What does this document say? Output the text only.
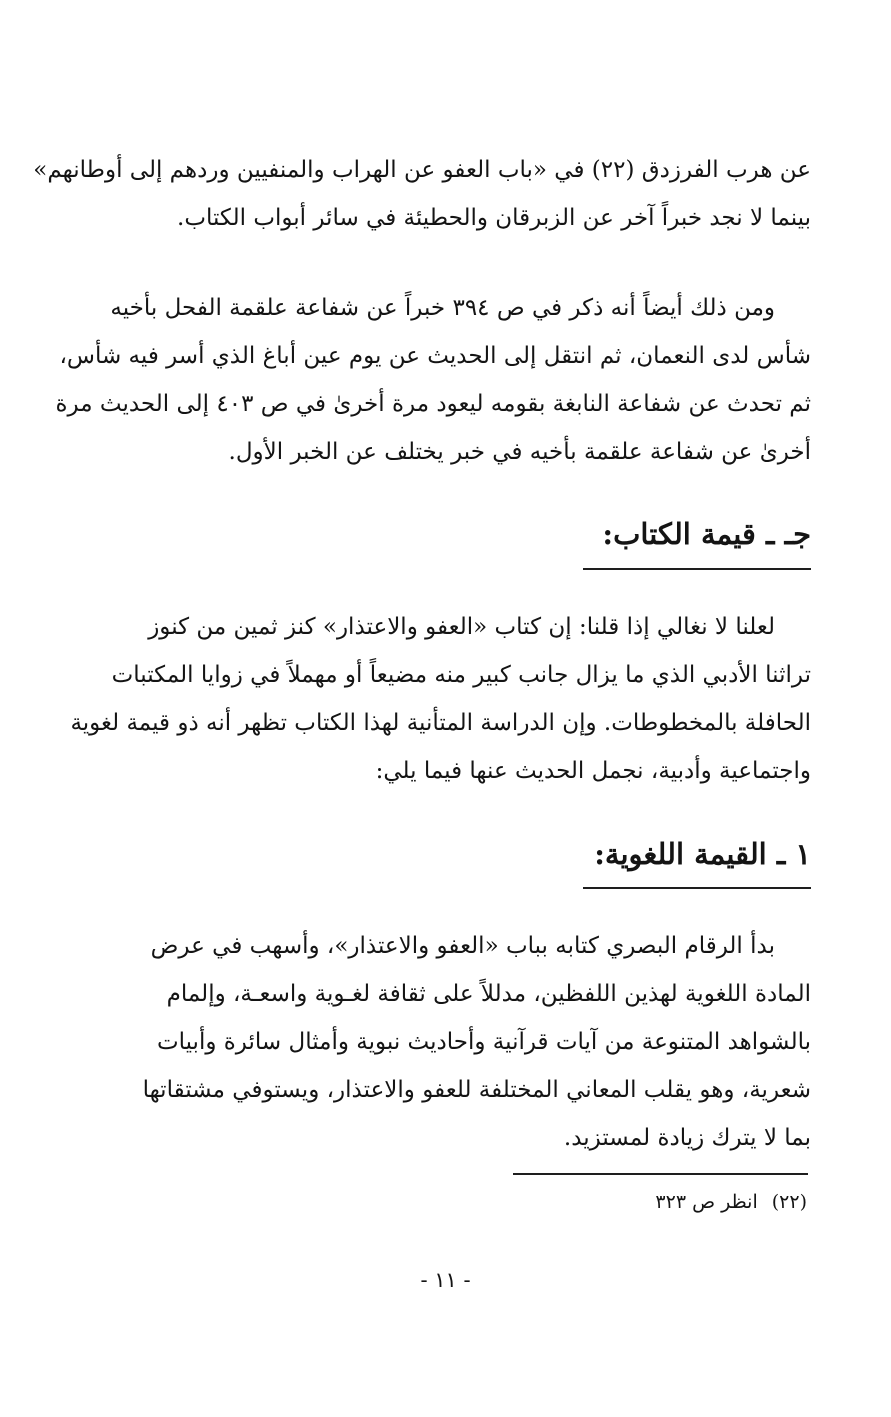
عن هرب الفرزدق (٢٢) في «باب العفو عن الهراب والمنفيين وردهم إلى أوطانهم»
بينما لا نجد خبراً آخر عن الزبرقان والحطيئة في سائر أبواب الكتاب.
ومن ذلك أيضاً أنه ذكر في ص ٣٩٤ خبراً عن شفاعة علقمة الفحل بأخيه
شأس لدى النعمان، ثم انتقل إلى الحديث عن يوم عين أباغ الذي أسر فيه شأس،
ثم تحدث عن شفاعة النابغة بقومه ليعود مرة أخرىٰ في ص ٤٠٣ إلى الحديث مرة
أخرىٰ عن شفاعة علقمة بأخيه في خبر يختلف عن الخبر الأول.
جـ ـ قيمة الكتاب:
لعلنا لا نغالي إذا قلنا: إن كتاب «العفو والاعتذار» كنز ثمين من كنوز
تراثنا الأدبي الذي ما يزال جانب كبير منه مضيعاً أو مهملاً في زوايا المكتبات
الحافلة بالمخطوطات. وإن الدراسة المتأنية لهذا الكتاب تظهر أنه ذو قيمة لغوية
واجتماعية وأدبية، نجمل الحديث عنها فيما يلي:
١ ـ القيمة اللغوية:
بدأ الرقام البصري كتابه بباب «العفو والاعتذار»، وأسهب في عرض
المادة اللغوية لهذين اللفظين، مدللاً على ثقافة لغـوية واسعـة، وإلمام
بالشواهد المتنوعة من آيات قرآنية وأحاديث نبوية وأمثال سائرة وأبيات
شعرية، وهو يقلب المعاني المختلفة للعفو والاعتذار، ويستوفي مشتقاتها
بما لا يترك زيادة لمستزيد.
(٢٢)انظر ص ٣٢٣
- ١١ -
